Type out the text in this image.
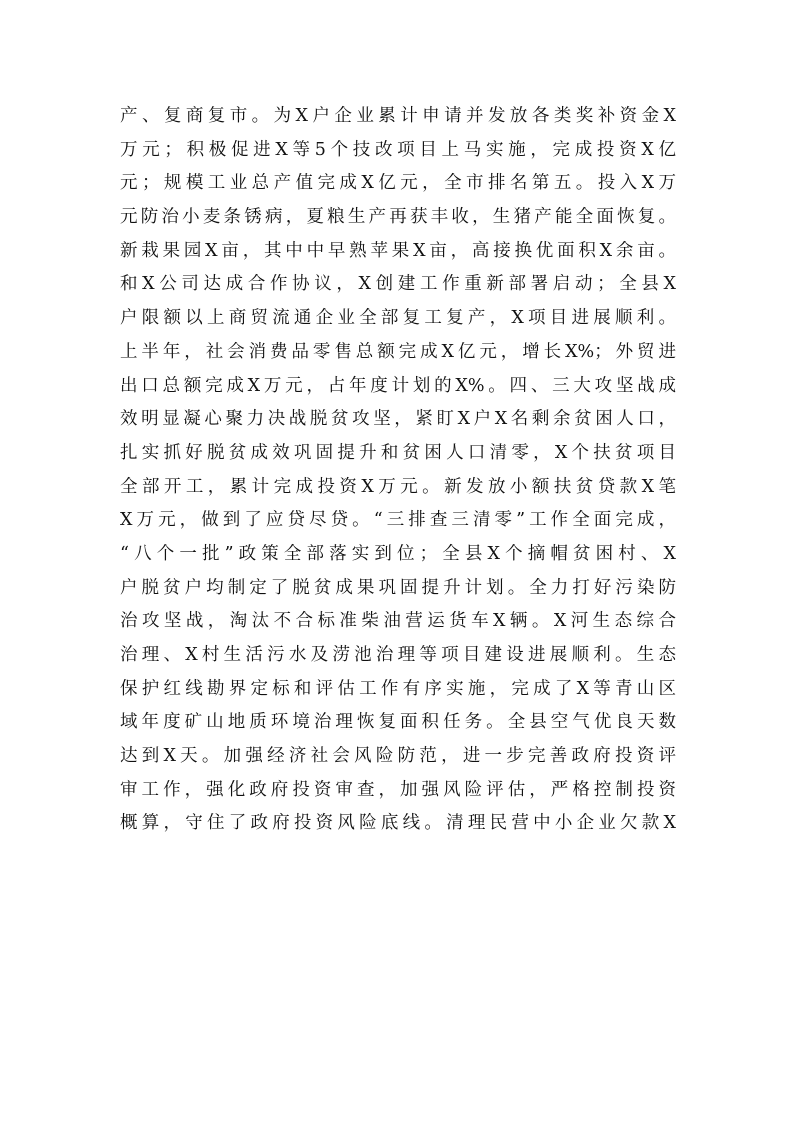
产、复商复市。为X户企业累计申请并发放各类奖补资金X
万元；积极促进X等5个技改项目上马实施，完成投资X亿
元；规模工业总产值完成X亿元，全市排名第五。投入X万
元防治小麦条锈病，夏粮生产再获丰收，生猪产能全面恢复。
新栽果园X亩，其中中早熟苹果X亩，高接换优面积X余亩。
和X公司达成合作协议，X创建工作重新部署启动；全县X
户限额以上商贸流通企业全部复工复产，X项目进展顺利。
上半年，社会消费品零售总额完成X亿元，增长X%；外贸进
出口总额完成X万元，占年度计划的X%。四、三大攻坚战成
效明显凝心聚力决战脱贫攻坚，紧盯X户X名剩余贫困人口，
扎实抓好脱贫成效巩固提升和贫困人口清零，X个扶贫项目
全部开工，累计完成投资X万元。新发放小额扶贫贷款X笔
X万元，做到了应贷尽贷。“三排查三清零”工作全面完成，
“八个一批”政策全部落实到位；全县X个摘帽贫困村、X
户脱贫户均制定了脱贫成果巩固提升计划。全力打好污染防
治攻坚战，淘汰不合标准柴油营运货车X辆。X河生态综合
治理、X村生活污水及涝池治理等项目建设进展顺利。生态
保护红线勘界定标和评估工作有序实施，完成了X等青山区
域年度矿山地质环境治理恢复面积任务。全县空气优良天数
达到X天。加强经济社会风险防范，进一步完善政府投资评
审工作，强化政府投资审查，加强风险评估，严格控制投资
概算，守住了政府投资风险底线。清理民营中小企业欠款X
